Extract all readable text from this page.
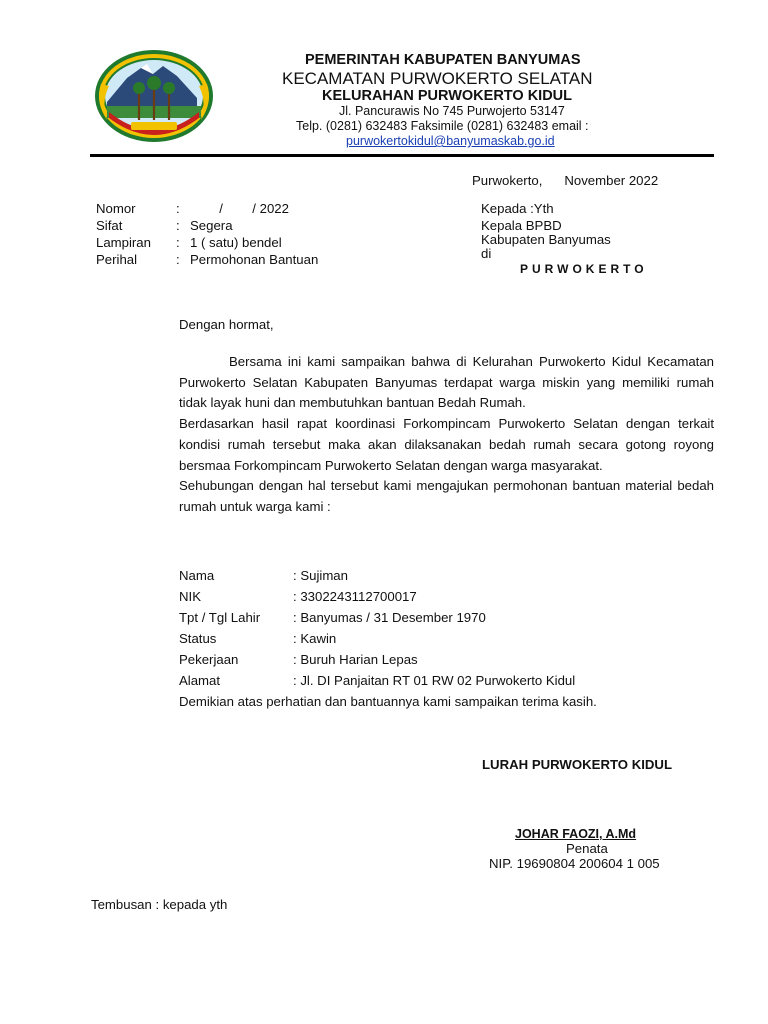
PEMERINTAH KABUPATEN BANYUMAS
KECAMATAN PURWOKERTO SELATAN
KELURAHAN PURWOKERTO KIDUL
Jl. Pancurawis No 745 Purwojerto 53147
Telp. (0281) 632483 Faksimile (0281) 632483 email :
purwokertokidul@banyumaskab.go.id
Purwokerto,      November 2022
Nomor	: /        / 2022
Sifat	: Segera
Lampiran : 1 ( satu) bendel
Perihal	: Permohonan Bantuan
Kepada :Yth
Kepala BPBD
Kabupaten Banyumas
di
PURWOKERTO
Dengan hormat,

Bersama ini kami sampaikan bahwa di Kelurahan Purwokerto Kidul Kecamatan Purwokerto Selatan Kabupaten Banyumas terdapat warga miskin yang memiliki rumah tidak layak huni dan membutuhkan bantuan Bedah Rumah.

Berdasarkan hasil rapat koordinasi Forkompincam Purwokerto Selatan dengan terkait kondisi rumah tersebut maka akan dilaksanakan bedah rumah secara gotong royong bersmaa Forkompincam Purwokerto Selatan dengan warga masyarakat.

Sehubungan dengan hal tersebut kami mengajukan permohonan bantuan material bedah rumah untuk warga kami :

Nama	: Sujiman
NIK	: 3302243112700017
Tpt / Tgl Lahir : Banyumas / 31 Desember 1970
Status	: Kawin
Pekerjaan	: Buruh Harian Lepas
Alamat	: Jl. DI Panjaitan RT 01 RW 02 Purwokerto Kidul
Demikian atas perhatian dan bantuannya kami sampaikan terima kasih.
LURAH PURWOKERTO KIDUL
JOHAR FAOZI, A.Md
Penata
NIP. 19690804 200604 1 005
Tembusan : kepada yth
